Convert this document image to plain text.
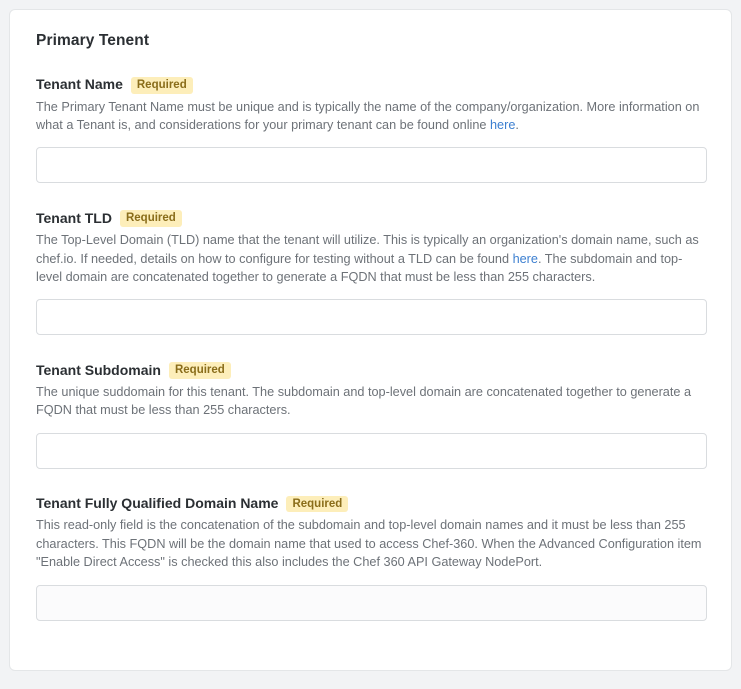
Primary Tenent
Tenant Name	Required

The Primary Tenant Name must be unique and is typically the name of the company/organization. More information on what a Tenant is, and considerations for your primary tenant can be found online here.

Tenant TLD	Required

The Top-Level Domain (TLD) name that the tenant will utilize. This is typically an organization's domain name, such as chef.io. If needed, details on how to configure for testing without a TLD can be found here. The subdomain and top-level domain are concatenated together to generate a FQDN that must be less than 255 characters.

Tenant Subdomain	Required

The unique suddomain for this tenant. The subdomain and top-level domain are concatenated together to generate a FQDN that must be less than 255 characters.

Tenant Fully Qualified Domain Name	Required

This read-only field is the concatenation of the subdomain and top-level domain names and it must be less than 255 characters. This FQDN will be the domain name that used to access Chef-360. When the Advanced Configuration item "Enable Direct Access" is checked this also includes the Chef 360 API Gateway NodePort.
